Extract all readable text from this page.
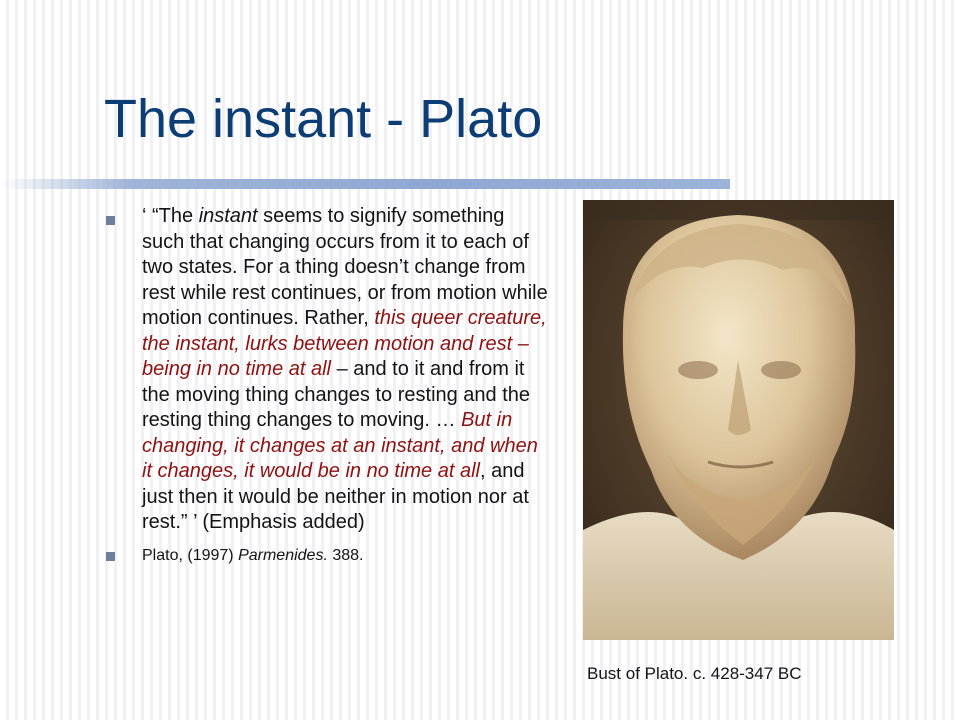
The instant - Plato
‘ “The instant seems to signify something such that changing occurs from it to each of two states. For a thing doesn’t change from rest while rest continues, or from motion while motion continues. Rather, this queer creature, the instant, lurks between motion and rest – being in no time at all – and to it and from it the moving thing changes to resting and the resting thing changes to moving. … But in changing, it changes at an instant, and when it changes, it would be in no time at all, and just then it would be neither in motion nor at rest.” ’ (Emphasis added)
Plato, (1997) Parmenides. 388.
Bust of Plato. c. 428-347 BC
